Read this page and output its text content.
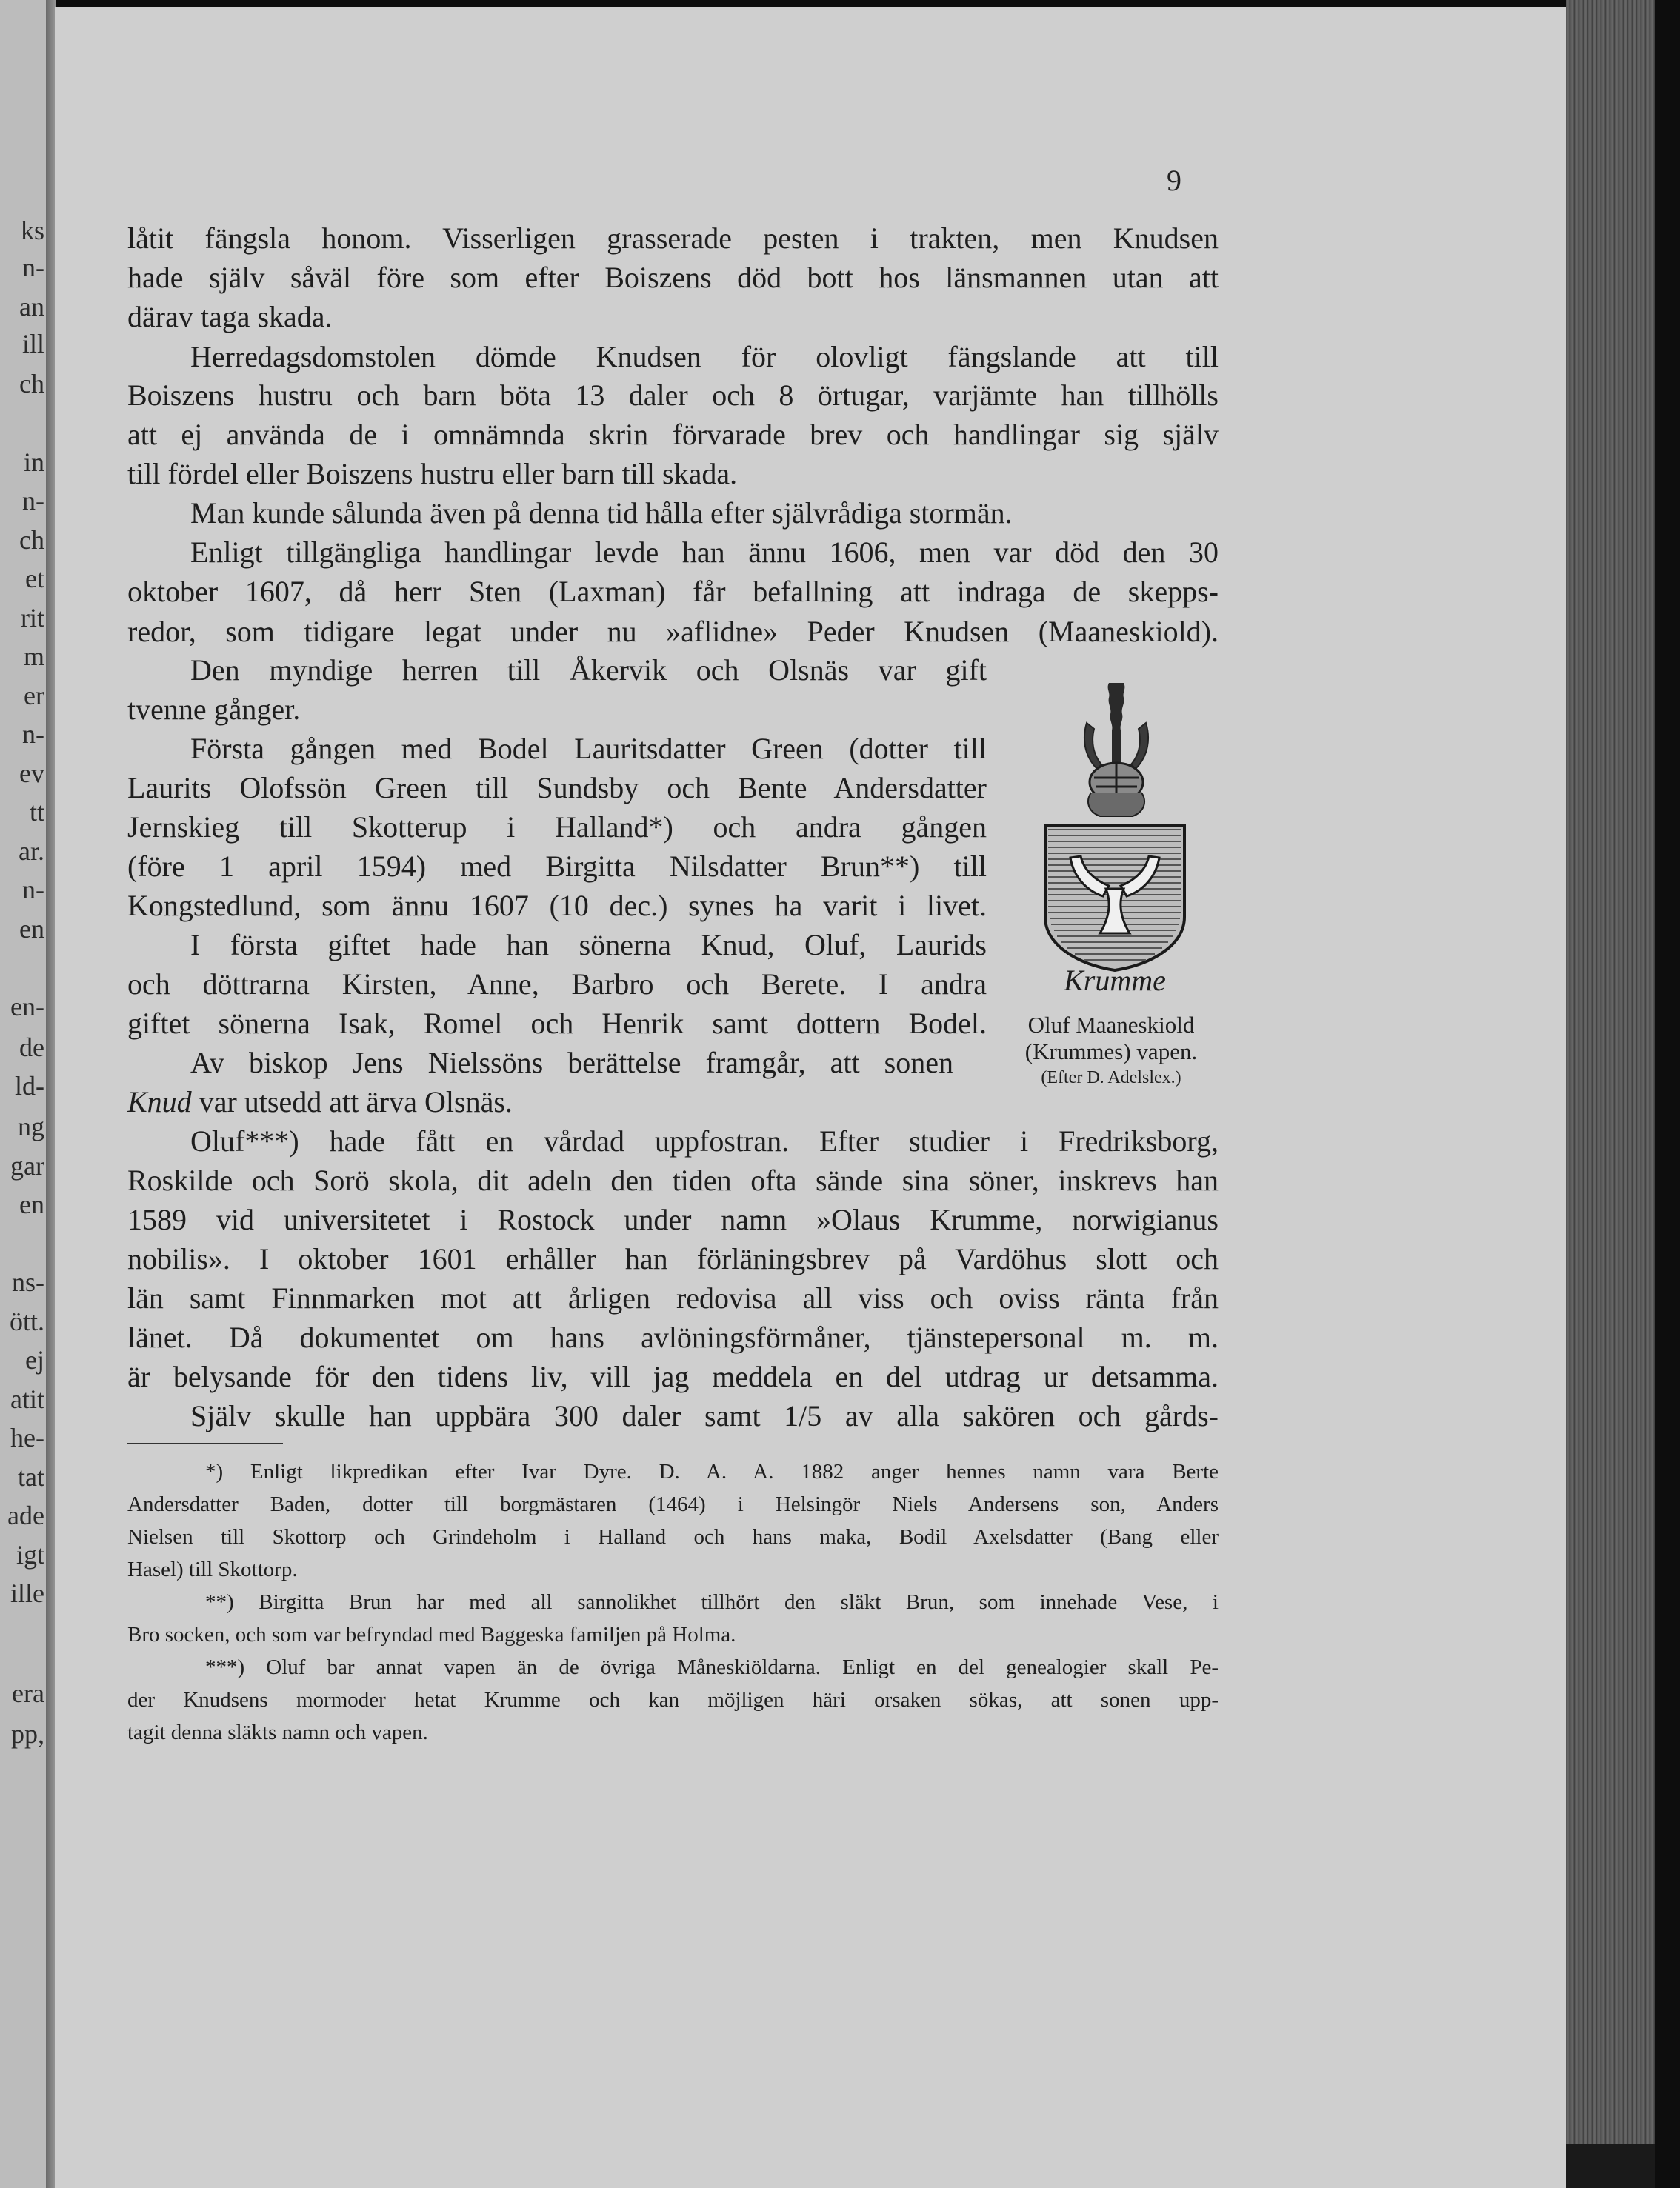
ks
n-
an
ill
ch
in
n-
ch
et
rit
m
er
n-
ev
tt
ar.
n-
en
en-
de
ld-
ng
gar
en
ns-
ött.
ej
atit
he-
tat
ade
igt
ille
era
pp,
9
låtit fängsla honom. Visserligen grasserade pesten i trakten, men Knudsen
hade själv såväl före som efter Boiszens död bott hos länsmannen utan att
därav taga skada.
Herredagsdomstolen dömde Knudsen för olovligt fängslande att till
Boiszens hustru och barn böta 13 daler och 8 örtugar, varjämte han tillhölls
att ej använda de i omnämnda skrin förvarade brev och handlingar sig själv
till fördel eller Boiszens hustru eller barn till skada.
Man kunde sålunda även på denna tid hålla efter självrådiga stormän.
Enligt tillgängliga handlingar levde han ännu 1606, men var död den 30
oktober 1607, då herr Sten (Laxman) får befallning att indraga de skepps-
redor, som tidigare legat under nu »aflidne» Peder Knudsen (Maaneskiold).
Den myndige herren till Åkervik och Olsnäs var gift
tvenne gånger.
Första gången med Bodel Lauritsdatter Green (dotter till
Laurits Olofssön Green till Sundsby och Bente Andersdatter
Jernskieg till Skotterup i Halland*) och andra gången
(före 1 april 1594) med Birgitta Nilsdatter Brun**) till
Kongstedlund, som ännu 1607 (10 dec.) synes ha varit i livet.
I första giftet hade han sönerna Knud, Oluf, Laurids
och döttrarna Kirsten, Anne, Barbro och Berete. I andra
giftet sönerna Isak, Romel och Henrik samt dottern Bodel.
Av biskop Jens Nielssöns berättelse framgår, att sonen
Knud var utsedd att ärva Olsnäs.
Oluf***) hade fått en vårdad uppfostran. Efter studier i Fredriksborg,
Roskilde och Sorö skola, dit adeln den tiden ofta sände sina söner, inskrevs han
1589 vid universitetet i Rostock under namn »Olaus Krumme, norwigianus
nobilis». I oktober 1601 erhåller han förläningsbrev på Vardöhus slott och
län samt Finnmarken mot att årligen redovisa all viss och oviss ränta från
länet. Då dokumentet om hans avlöningsförmåner, tjänstepersonal m. m.
är belysande för den tidens liv, vill jag meddela en del utdrag ur detsamma.
Själv skulle han uppbära 300 daler samt 1/5 av alla sakören och gårds-
Krumme
Oluf Maaneskiold
(Krummes) vapen.
(Efter D. Adelslex.)
*) Enligt likpredikan efter Ivar Dyre. D. A. A. 1882 anger hennes namn vara Berte
Andersdatter Baden, dotter till borgmästaren (1464) i Helsingör Niels Andersens son, Anders
Nielsen till Skottorp och Grindeholm i Halland och hans maka, Bodil Axelsdatter (Bang eller
Hasel) till Skottorp.
**) Birgitta Brun har med all sannolikhet tillhört den släkt Brun, som innehade Vese, i
Bro socken, och som var befryndad med Baggeska familjen på Holma.
***) Oluf bar annat vapen än de övriga Måneskiöldarna. Enligt en del genealogier skall Pe-
der Knudsens mormoder hetat Krumme och kan möjligen häri orsaken sökas, att sonen upp-
tagit denna släkts namn och vapen.
